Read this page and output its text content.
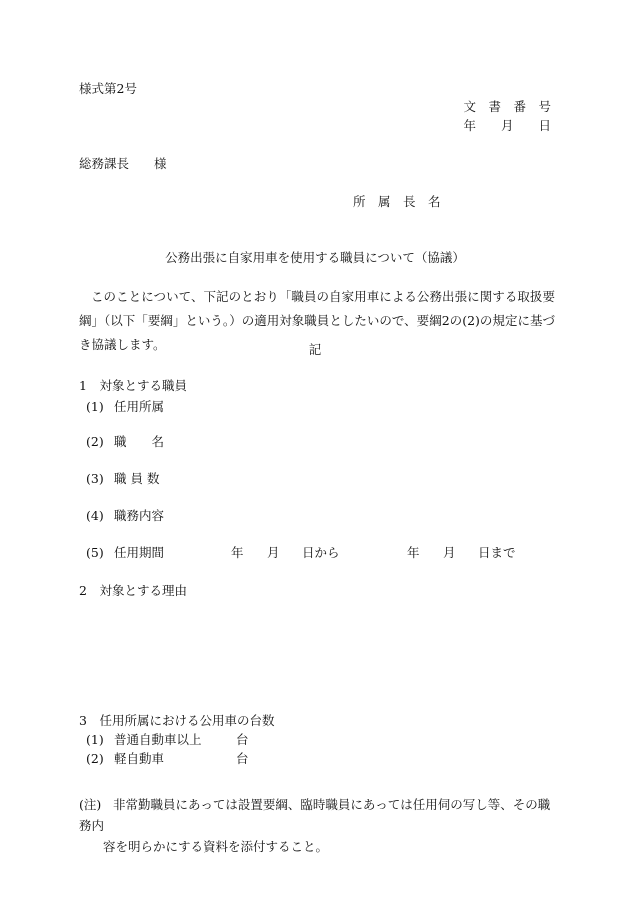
様式第2号
文　書　番　号
年　　月　　日
総務課長　　様
所　属　長　名
公務出張に自家用車を使用する職員について（協議）
このことについて、下記のとおり「職員の自家用車による公務出張に関する取扱要綱」（以下「要綱」という。）の適用対象職員としたいので、要綱2の(2)の規定に基づき協議します。	記
1　対象とする職員
(1) 任用所属
(2) 職　　名
(3) 職 員 数
(4) 職務内容
(5) 任用期間	年 月 日から	年 月 日まで
2　対象とする理由
3　任用所属における公用車の台数
(1) 普通自動車以上	台
(2) 軽自動車	台
(注) 非常勤職員にあっては設置要綱、臨時職員にあっては任用伺の写し等、その職務内
容を明らかにする資料を添付すること。
